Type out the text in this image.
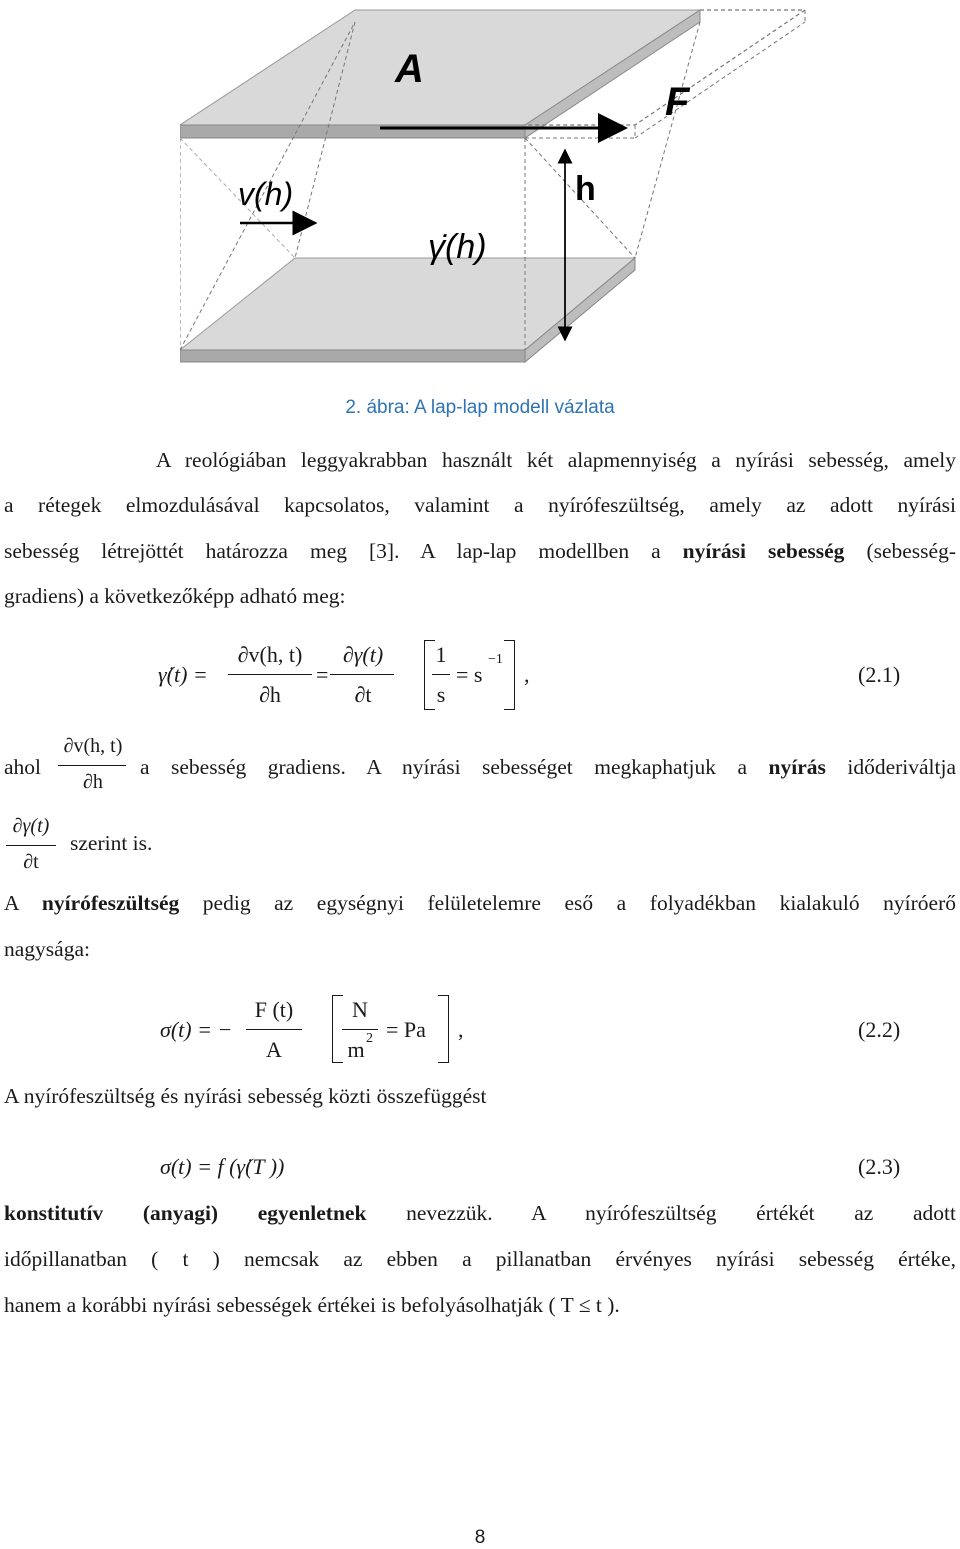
A
F
v(h)	h
γ̇(h)
2. ábra: A lap-lap modell vázlata
A reológiában leggyakrabban használt két alapmennyiség a nyírási sebesség, amely
a rétegek elmozdulásával kapcsolatos, valamint a nyírófeszültség, amely az adott nyírási
sebesség létrejöttét határozza meg [3]. A lap-lap modellben a nyírási sebesség (sebesség-
gradiens) a következőképp adható meg:
γ̇(t) =
∂v(h, t)
∂h
=
∂γ(t)
∂t
1
s
= s
−1
,	(2.1)
ahol
∂v(h, t)
∂h
a sebesség gradiens. A nyírási sebességet megkaphatjuk a nyírás időderiváltja
∂γ(t)
∂t
szerint is.
A nyírófeszültség pedig az egységnyi felületelemre eső a folyadékban kialakuló nyíróerő
nagysága:
σ(t) = −
F (t)
A
N
m 2 = Pa ,	(2.2)
A nyírófeszültség és nyírási sebesség közti összefüggést
σ(t) = f (γ̇(T ))	(2.3)
konstitutív (anyagi) egyenletnek nevezzük. A nyírófeszültség értékét az adott
időpillanatban ( t ) nemcsak az ebben a pillanatban érvényes nyírási sebesség értéke,
hanem a korábbi nyírási sebességek értékei is befolyásolhatják ( T ≤ t ).
8
